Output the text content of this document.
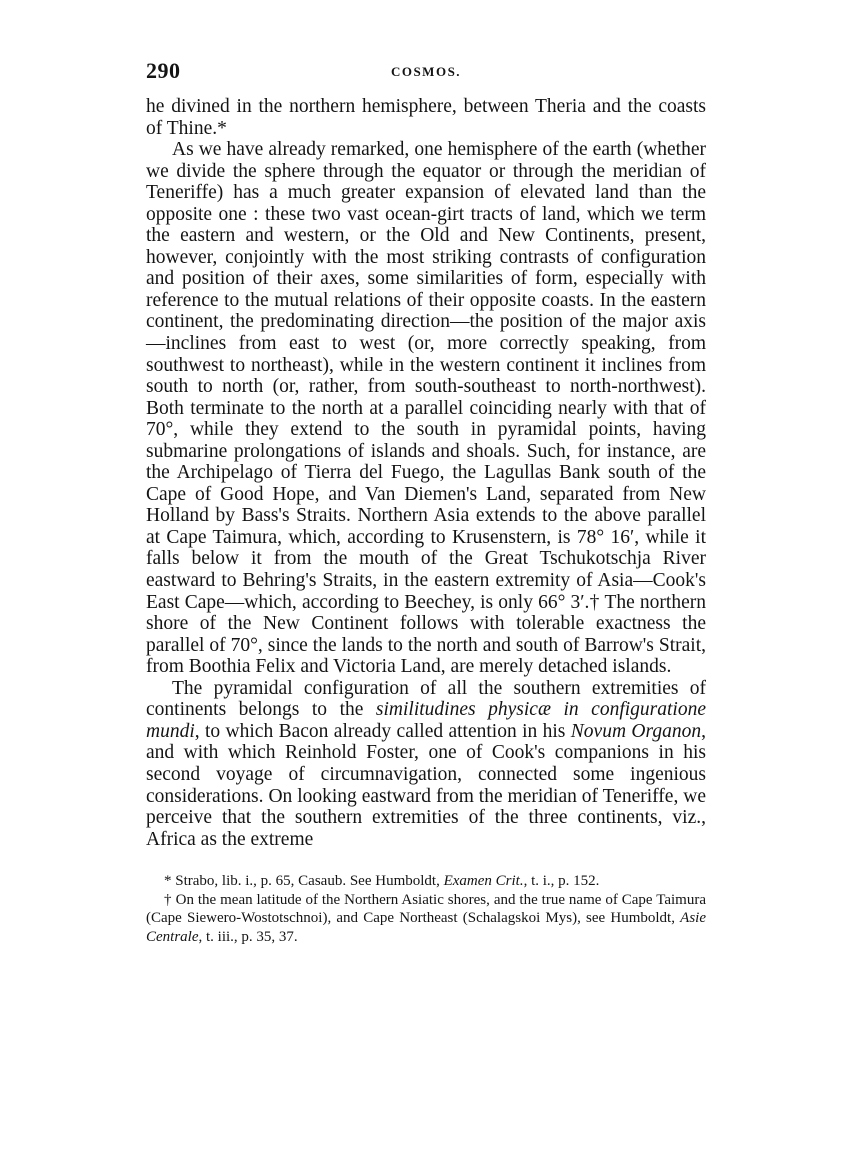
290	COSMOS.

he divined in the northern hemisphere, between Theria and the coasts of Thine.*

As we have already remarked, one hemisphere of the earth (whether we divide the sphere through the equator or through the meridian of Teneriffe) has a much greater expansion of elevated land than the opposite one : these two vast ocean-girt tracts of land, which we term the eastern and western, or the Old and New Continents, present, however, conjointly with the most striking contrasts of configuration and position of their axes, some similarities of form, especially with reference to the mutual relations of their opposite coasts. In the eastern continent, the predominating direction—the position of the major axis—inclines from east to west (or, more correctly speaking, from southwest to northeast), while in the western continent it inclines from south to north (or, rather, from south-southeast to north-northwest). Both terminate to the north at a parallel coinciding nearly with that of 70°, while they extend to the south in pyramidal points, having submarine prolongations of islands and shoals. Such, for instance, are the Archipelago of Tierra del Fuego, the Lagullas Bank south of the Cape of Good Hope, and Van Diemen's Land, separated from New Holland by Bass's Straits. Northern Asia extends to the above parallel at Cape Taimura, which, according to Krusenstern, is 78° 16′, while it falls below it from the mouth of the Great Tschukotschja River eastward to Behring's Straits, in the eastern extremity of Asia—Cook's East Cape—which, according to Beechey, is only 66° 3′.† The northern shore of the New Continent follows with tolerable exactness the parallel of 70°, since the lands to the north and south of Barrow's Strait, from Boothia Felix and Victoria Land, are merely detached islands.

The pyramidal configuration of all the southern extremities of continents belongs to the similitudines physicæ in configuratione mundi, to which Bacon already called attention in his Novum Organon, and with which Reinhold Foster, one of Cook's companions in his second voyage of circumnavigation, connected some ingenious considerations. On looking eastward from the meridian of Teneriffe, we perceive that the southern extremities of the three continents, viz., Africa as the extreme

* Strabo, lib. i., p. 65, Casaub. See Humboldt, Examen Crit., t. i., p. 152.

† On the mean latitude of the Northern Asiatic shores, and the true name of Cape Taimura (Cape Siewero-Wostotschnoi), and Cape Northeast (Schalagskoi Mys), see Humboldt, Asie Centrale, t. iii., p. 35, 37.
